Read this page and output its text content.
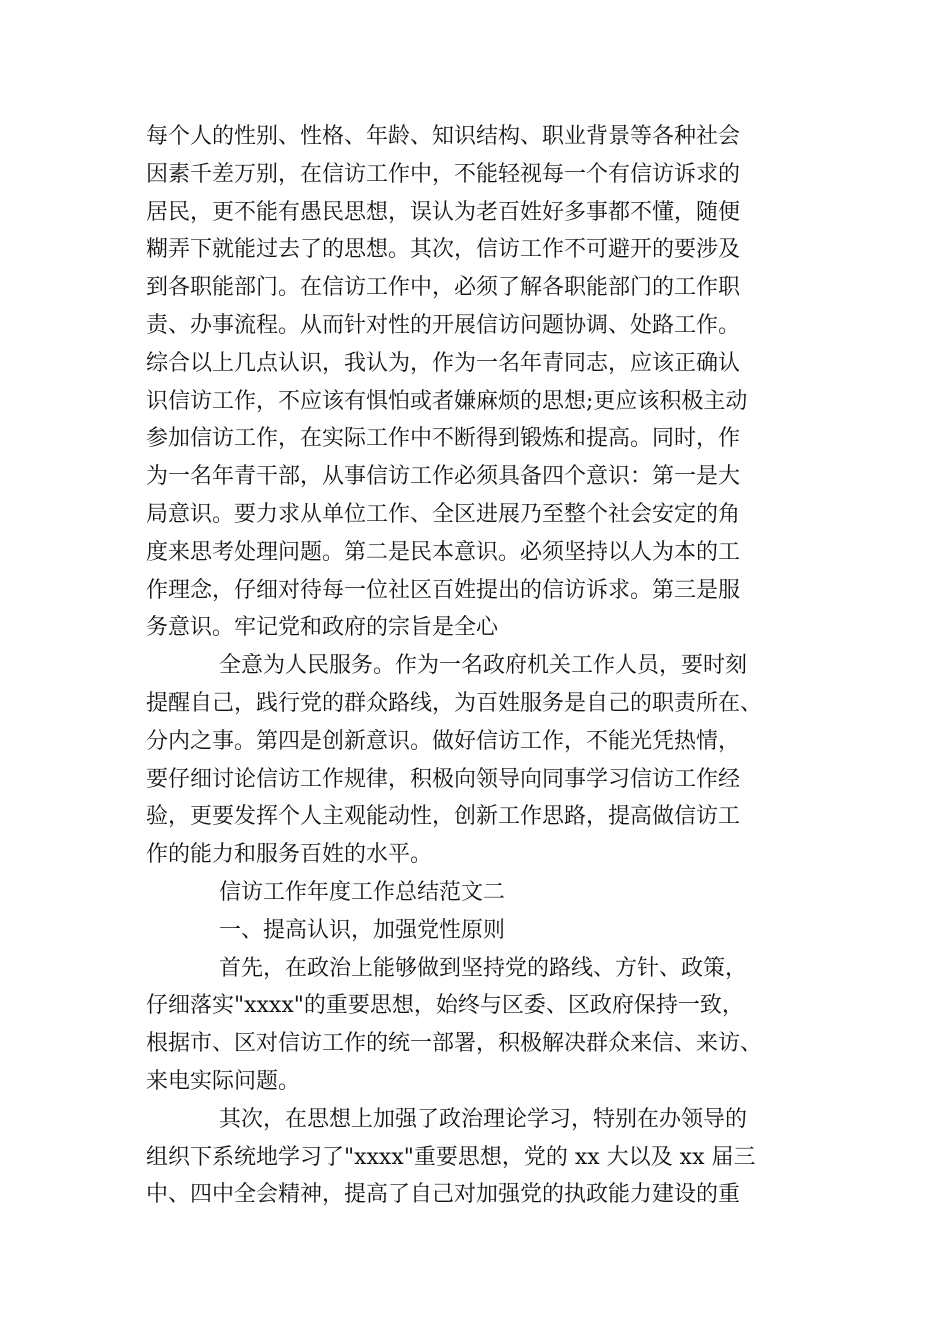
每个人的性别、性格、年龄、知识结构、职业背景等各种社会
因素千差万别，在信访工作中，不能轻视每一个有信访诉求的
居民，更不能有愚民思想，误认为老百姓好多事都不懂，随便
糊弄下就能过去了的思想。其次，信访工作不可避开的要涉及
到各职能部门。在信访工作中，必须了解各职能部门的工作职
责、办事流程。从而针对性的开展信访问题协调、处路工作。
综合以上几点认识，我认为，作为一名年青同志，应该正确认
识信访工作，不应该有惧怕或者嫌麻烦的思想;更应该积极主动
参加信访工作，在实际工作中不断得到锻炼和提高。同时，作
为一名年青干部，从事信访工作必须具备四个意识：第一是大
局意识。要力求从单位工作、全区进展乃至整个社会安定的角
度来思考处理问题。第二是民本意识。必须坚持以人为本的工
作理念，仔细对待每一位社区百姓提出的信访诉求。第三是服
务意识。牢记党和政府的宗旨是全心
全意为人民服务。作为一名政府机关工作人员，要时刻
提醒自己，践行党的群众路线，为百姓服务是自己的职责所在、
分内之事。第四是创新意识。做好信访工作，不能光凭热情，
要仔细讨论信访工作规律，积极向领导向同事学习信访工作经
验，更要发挥个人主观能动性，创新工作思路，提高做信访工
作的能力和服务百姓的水平。
信访工作年度工作总结范文二
一、提高认识，加强党性原则
首先，在政治上能够做到坚持党的路线、方针、政策，
仔细落实"xxxx"的重要思想，始终与区委、区政府保持一致，
根据市、区对信访工作的统一部署，积极解决群众来信、来访、
来电实际问题。
其次，在思想上加强了政治理论学习，特别在办领导的
组织下系统地学习了"xxxx"重要思想，党的 xx 大以及 xx 届三
中、四中全会精神，提高了自己对加强党的执政能力建设的重
